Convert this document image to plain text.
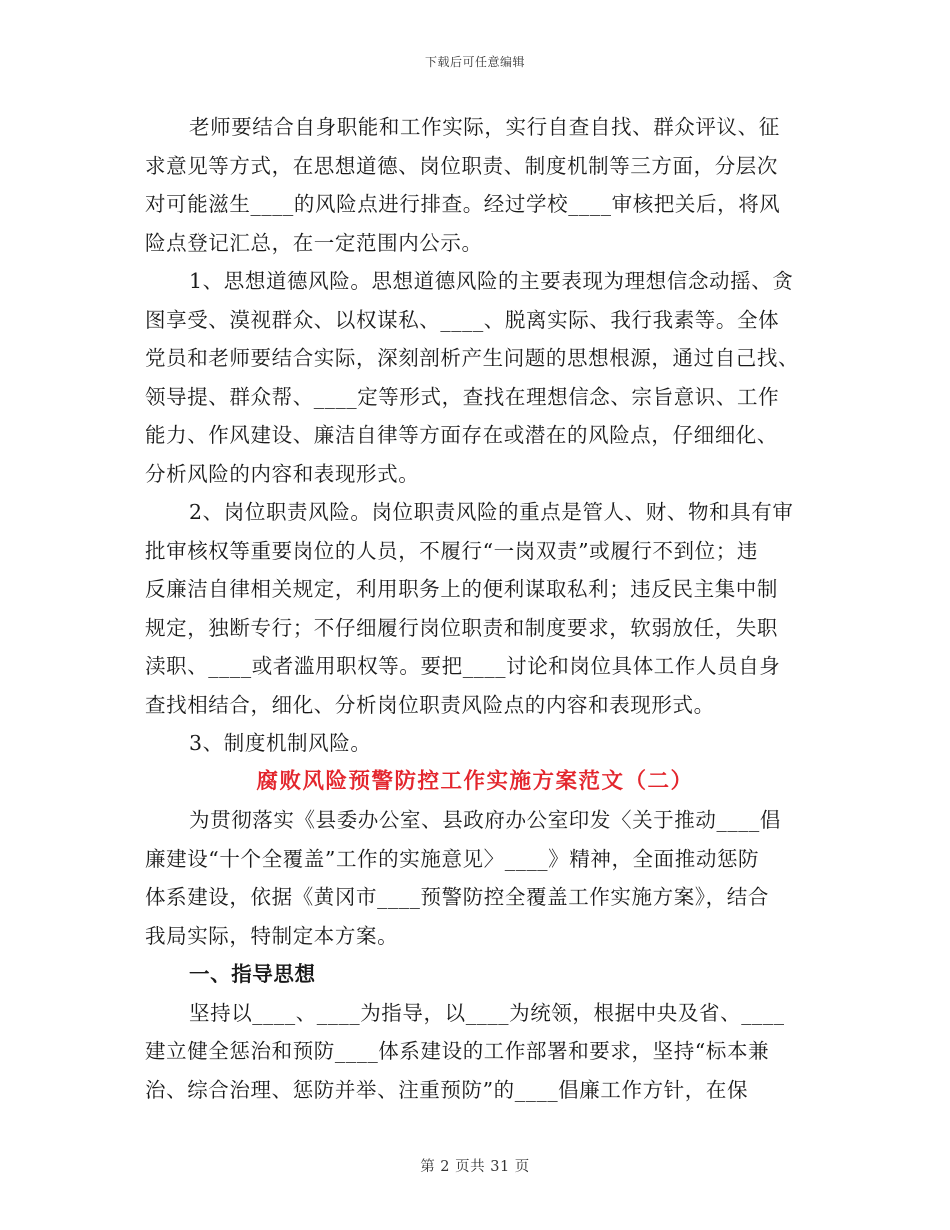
下载后可任意编辑
老师要结合自身职能和工作实际，实行自查自找、群众评议、征
求意见等方式，在思想道德、岗位职责、制度机制等三方面，分层次
对可能滋生____的风险点进行排查。经过学校____审核把关后，将风
险点登记汇总，在一定范围内公示。
1、思想道德风险。思想道德风险的主要表现为理想信念动摇、贪
图享受、漠视群众、以权谋私、____、脱离实际、我行我素等。全体
党员和老师要结合实际，深刻剖析产生问题的思想根源，通过自己找、
领导提、群众帮、____定等形式，查找在理想信念、宗旨意识、工作
能力、作风建设、廉洁自律等方面存在或潜在的风险点，仔细细化、
分析风险的内容和表现形式。
2、岗位职责风险。岗位职责风险的重点是管人、财、物和具有审
批审核权等重要岗位的人员，不履行“一岗双责”或履行不到位；违
反廉洁自律相关规定，利用职务上的便利谋取私利；违反民主集中制
规定，独断专行；不仔细履行岗位职责和制度要求，软弱放任，失职
渎职、____或者滥用职权等。要把____讨论和岗位具体工作人员自身
查找相结合，细化、分析岗位职责风险点的内容和表现形式。
3、制度机制风险。
腐败风险预警防控工作实施方案范文（二）
为贯彻落实《县委办公室、县政府办公室印发〈关于推动____倡
廉建设“十个全覆盖”工作的实施意见〉____》精神，全面推动惩防
体系建设，依据《黄冈市____预警防控全覆盖工作实施方案》，结合
我局实际，特制定本方案。
一、指导思想
坚持以____、____为指导，以____为统领，根据中央及省、____
建立健全惩治和预防____体系建设的工作部署和要求，坚持“标本兼
治、综合治理、惩防并举、注重预防”的____倡廉工作方针，在保
第 2 页共 31 页
